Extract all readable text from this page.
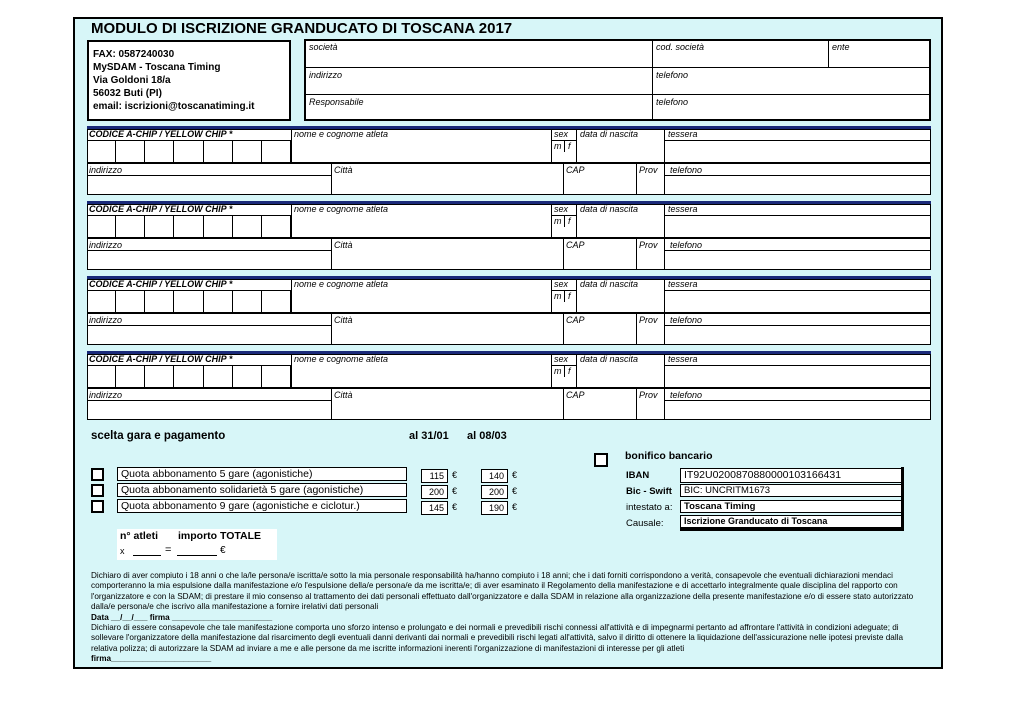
MODULO DI ISCRIZIONE GRANDUCATO DI TOSCANA 2017
FAX: 0587240030
MySDAM - Toscana Timing
Via Goldoni 18/a
56032 Buti (PI)
email: iscrizioni@toscanatiming.it
società	cod. società	ente
indirizzo	telefono
Responsabile	telefono
CODICE A-CHIP / YELLOW CHIP *	nome e cognome atleta	sex
m f
data di nascita	tessera
indirizzo	Città	CAP	Prov telefono
CODICE A-CHIP / YELLOW CHIP *	nome e cognome atleta	sex
m f
data di nascita	tessera
indirizzo	Città	CAP	Prov telefono
CODICE A-CHIP / YELLOW CHIP *	nome e cognome atleta	sex
m f
data di nascita	tessera
indirizzo	Città	CAP	Prov telefono
CODICE A-CHIP / YELLOW CHIP *	nome e cognome atleta	sex
m f
data di nascita	tessera
indirizzo	Città	CAP	Prov telefono
scelta gara e pagamento	al 31/01 al 08/03
Quota abbonamento 5 gare (agonistiche)	115 €	140 €
Quota abbonamento solidarietà 5 gare (agonistiche)	200 €	200 €
Quota abbonamento 9 gare (agonistiche e ciclotur.)	145 €	190 €
n° atleti importo TOTALE
x	=	€
bonifico bancario
IBAN	IT92U0200870880000103166431
Bic - Swift	BIC: UNCRITM1673
intestato a:	Toscana Timing
Causale:	Iscrizione Granducato di Toscana
Dichiaro di aver compiuto i 18 anni o che la/le persona/e iscritta/e sotto la mia personale responsabilità ha/hanno compiuto i 18 anni; che i dati forniti corrispondono a verità, consapevole che eventuali dichiarazioni mendaci comporteranno la mia espulsione dalla manifestazione e/o l'espulsione della/e persona/e da me iscritta/e; di aver esaminato il Regolamento della manifestazione e di accettarlo integralmente quale disciplina del rapporto con l'organizzatore e con la SDAM; di prestare il mio consenso al trattamento dei dati personali effettuato dall'organizzatore e dalla SDAM in relazione alla organizzazione della presente manifestazione e/o di essere stato autorizzato dalla/e persona/e che iscrivo alla manifestazione a fornire irelativi dati personali
Data __/__/___ firma ______________________
Dichiaro di essere consapevole che tale manifestazione comporta uno sforzo intenso e prolungato e dei normali e prevedibili rischi connessi all'attività e di impegnarmi pertanto ad affrontare l'attività in condizioni adeguate; di sollevare l'organizzatore della manifestazione dal risarcimento degli eventuali danni derivanti dai normali e prevedibili rischi legati all'attività, salvo il diritto di ottenere la liquidazione dell'assicurazione nelle ipotesi previste dalla relativa polizza; di autorizzare la SDAM ad inviare a me e alle persone da me iscritte informazioni inerenti l'organizzazione di manifestazioni di interesse per gli atleti
firma______________________
